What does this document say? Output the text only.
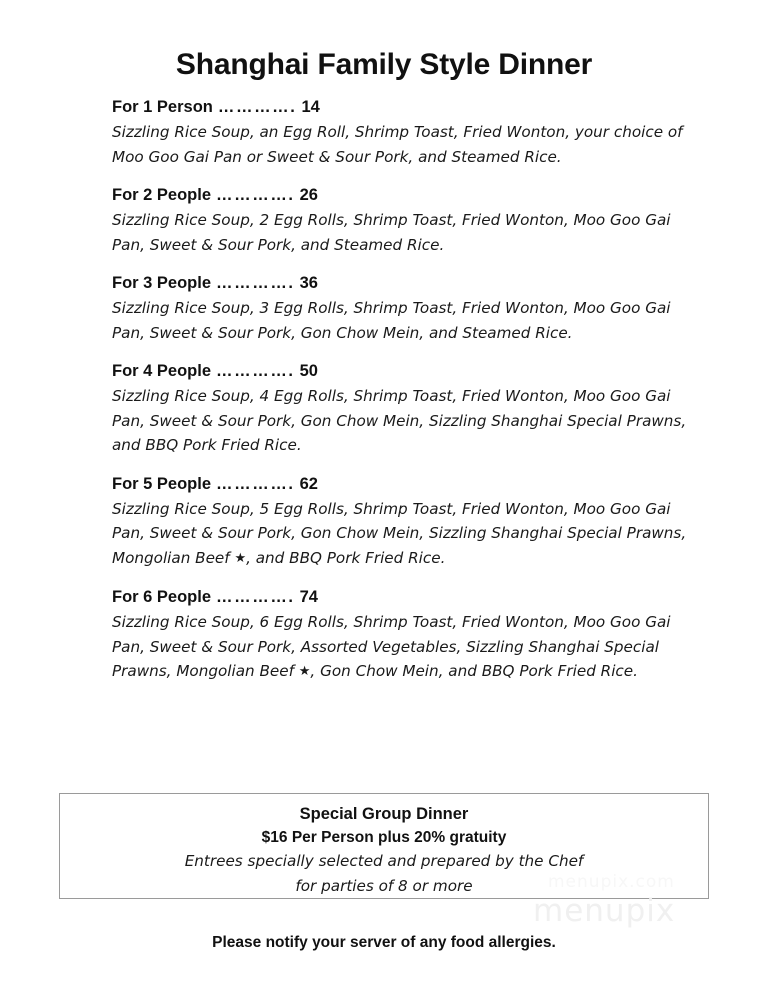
Shanghai Family Style Dinner
For 1 Person …………. 14
Sizzling Rice Soup, an Egg Roll, Shrimp Toast, Fried Wonton, your choice of Moo Goo Gai Pan or Sweet & Sour Pork, and Steamed Rice.
For 2 People …………. 26
Sizzling Rice Soup, 2 Egg Rolls, Shrimp Toast, Fried Wonton, Moo Goo Gai Pan, Sweet & Sour Pork, and Steamed Rice.
For 3 People …………. 36
Sizzling Rice Soup, 3 Egg Rolls, Shrimp Toast, Fried Wonton, Moo Goo Gai Pan, Sweet & Sour Pork, Gon Chow Mein, and Steamed Rice.
For 4 People …………. 50
Sizzling Rice Soup, 4 Egg Rolls, Shrimp Toast, Fried Wonton, Moo Goo Gai Pan, Sweet & Sour Pork, Gon Chow Mein, Sizzling Shanghai Special Prawns, and BBQ Pork Fried Rice.
For 5 People …………. 62
Sizzling Rice Soup, 5 Egg Rolls, Shrimp Toast, Fried Wonton, Moo Goo Gai Pan, Sweet & Sour Pork, Gon Chow Mein, Sizzling Shanghai Special Prawns, Mongolian Beef ★, and BBQ Pork Fried Rice.
For 6 People …………. 74
Sizzling Rice Soup, 6 Egg Rolls, Shrimp Toast, Fried Wonton, Moo Goo Gai Pan, Sweet & Sour Pork, Assorted Vegetables, Sizzling Shanghai Special Prawns, Mongolian Beef ★, Gon Chow Mein, and BBQ Pork Fried Rice.
Special Group Dinner
$16 Per Person plus 20% gratuity
Entrees specially selected and prepared by the Chef
for parties of 8 or more	menupix.com
menupix
Please notify your server of any food allergies.
